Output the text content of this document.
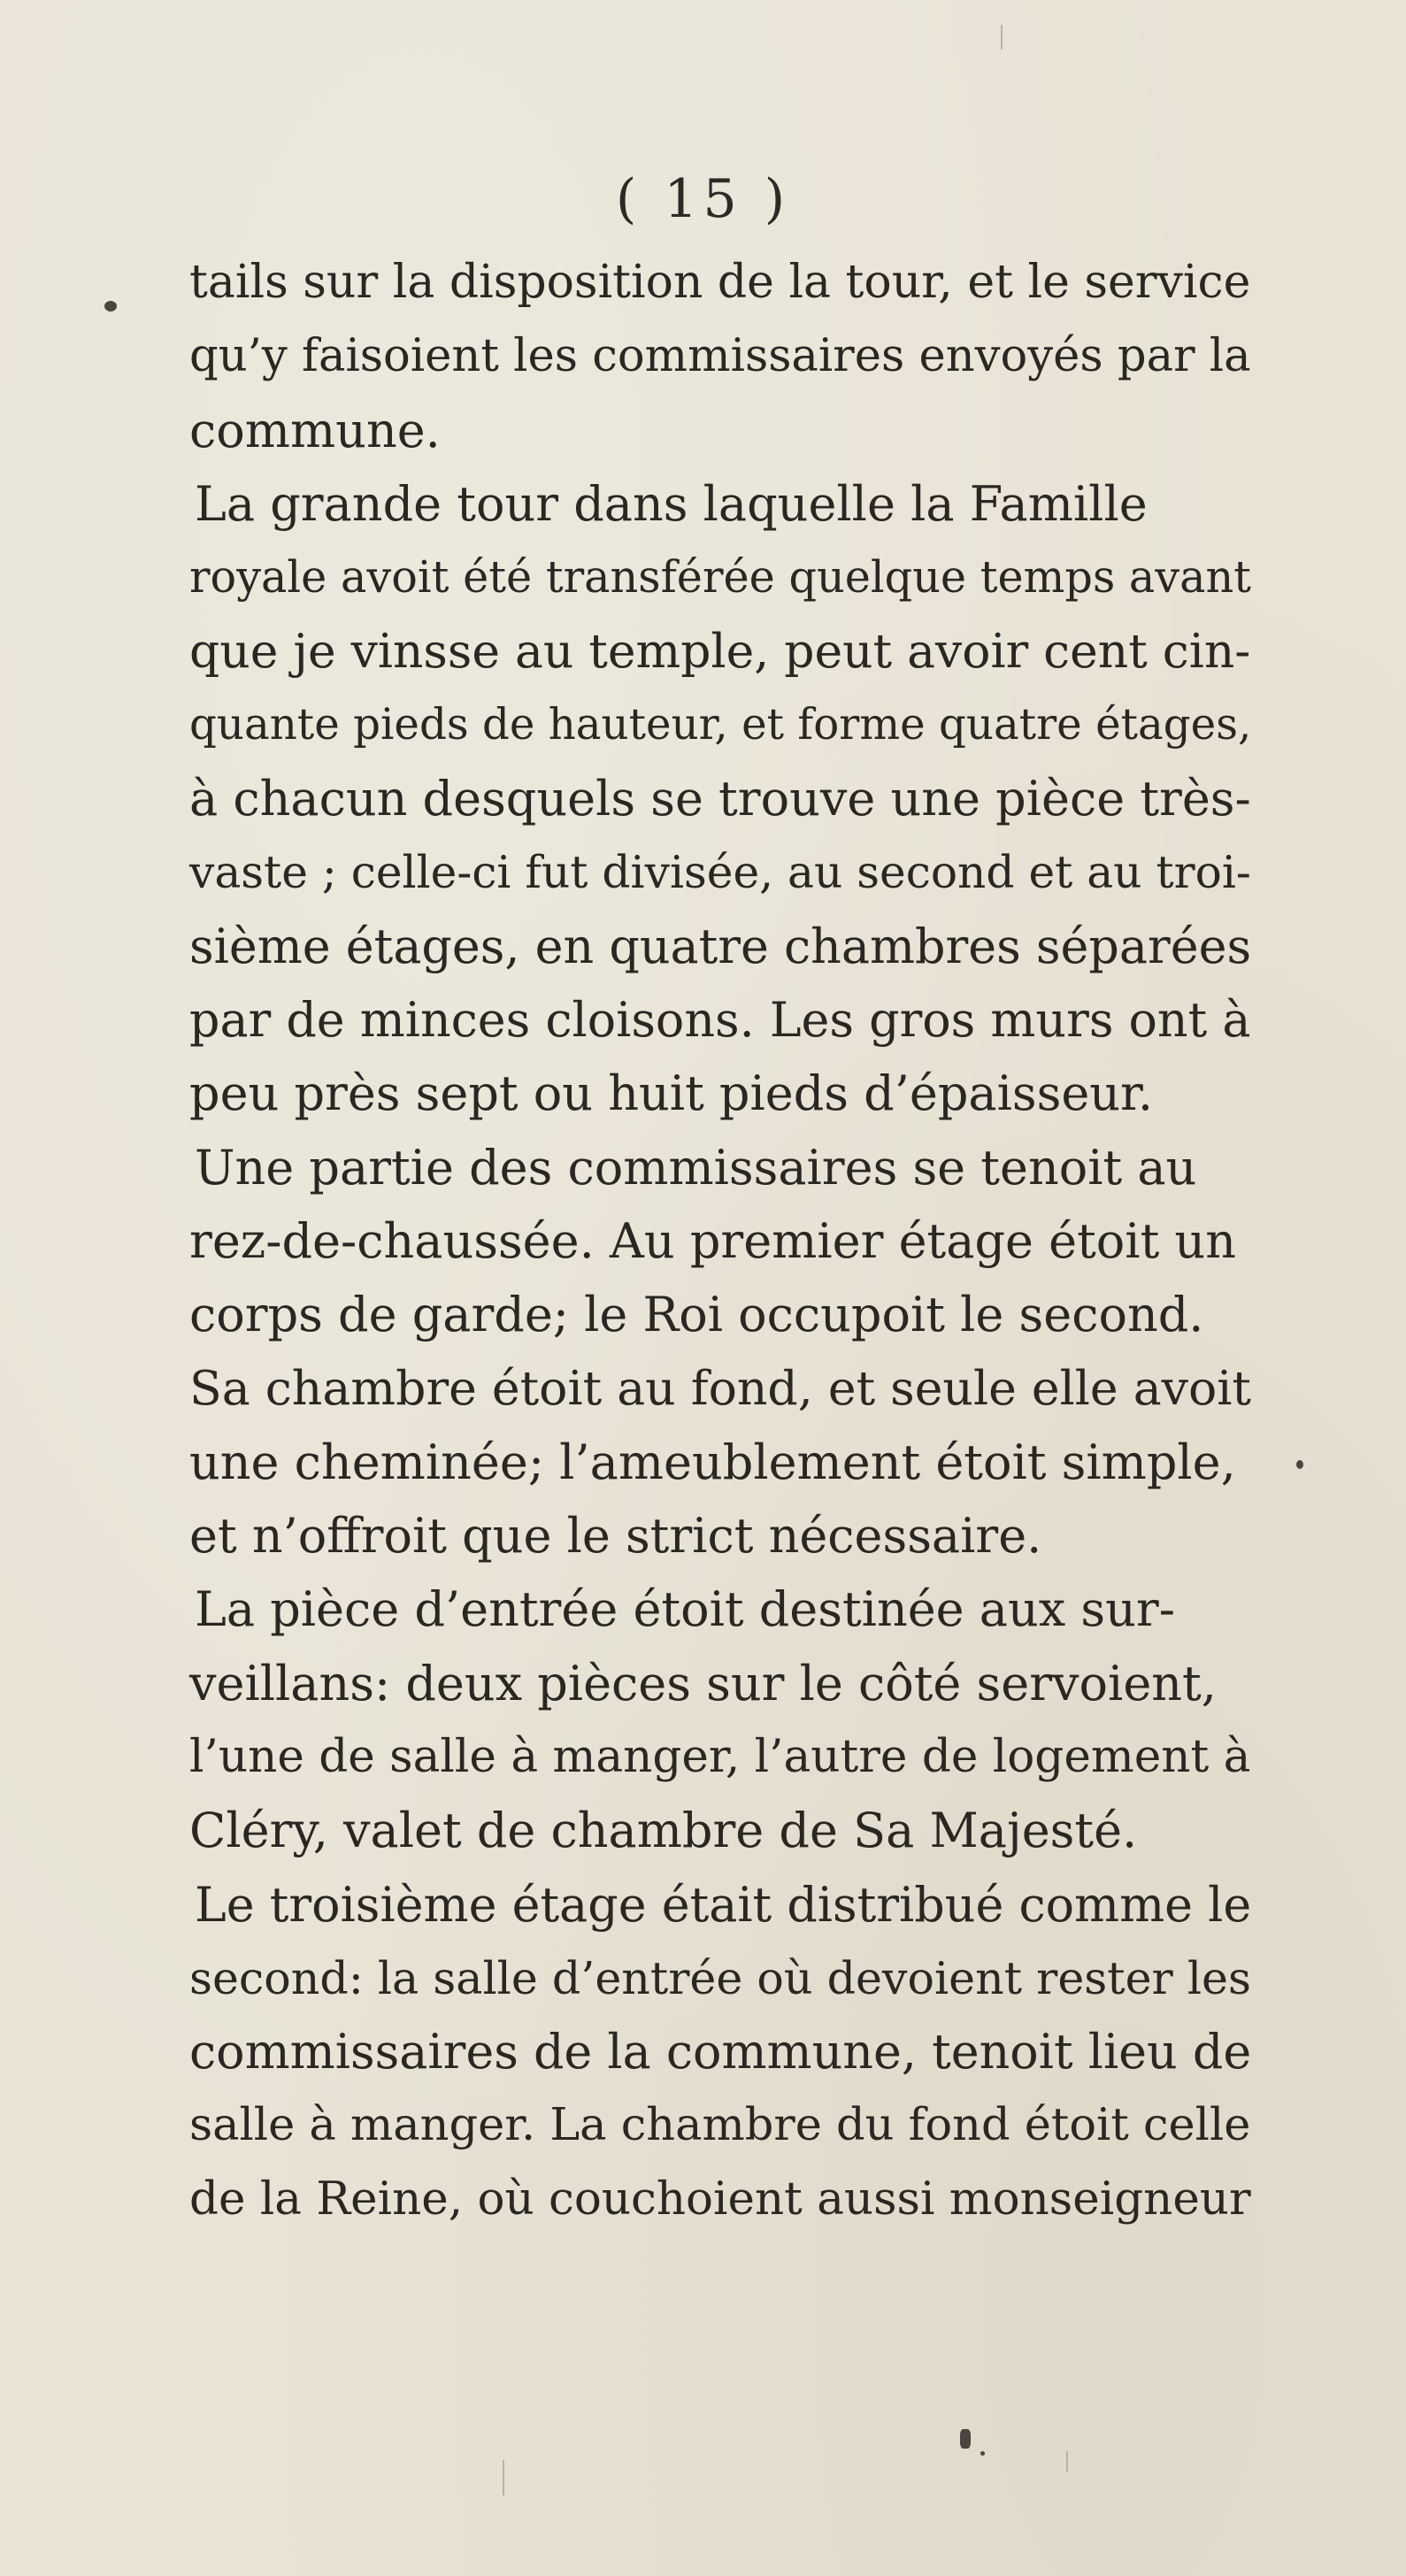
( 15 )
tails sur la disposition de la tour, et le service
qu’y faisoient les commissaires envoyés par la
commune.
La grande tour dans laquelle la Famille
royale avoit été transférée quelque temps avant
que je vinsse au temple, peut avoir cent cin-
quante pieds de hauteur, et forme quatre étages,
à chacun desquels se trouve une pièce très-
vaste ; celle-ci fut divisée, au second et au troi-
sième étages, en quatre chambres séparées
par de minces cloisons. Les gros murs ont à
peu près sept ou huit pieds d’épaisseur.
Une partie des commissaires se tenoit au
rez-de-chaussée. Au premier étage étoit un
corps de garde; le Roi occupoit le second.
Sa chambre étoit au fond, et seule elle avoit
une cheminée; l’ameublement étoit simple,
et n’offroit que le strict nécessaire.
La pièce d’entrée étoit destinée aux sur-
veillans: deux pièces sur le côté servoient,
l’une de salle à manger, l’autre de logement à
Cléry, valet de chambre de Sa Majesté.
Le troisième étage était distribué comme le
second: la salle d’entrée où devoient rester les
commissaires de la commune, tenoit lieu de
salle à manger. La chambre du fond étoit celle
de la Reine, où couchoient aussi monseigneur
